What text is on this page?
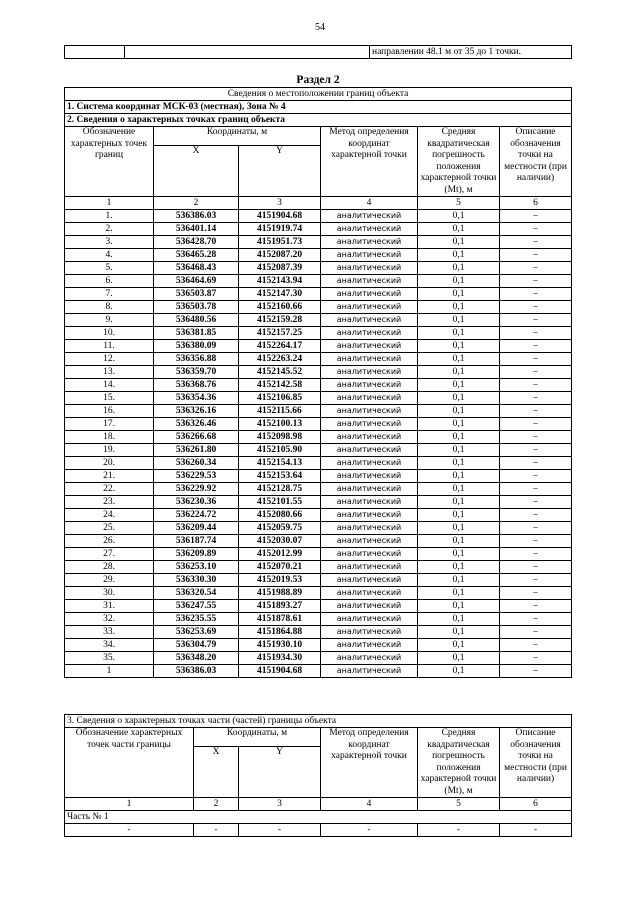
54
		направлении 48.1 м от 35 до 1 точки.
Раздел 2					
Сведения о местоположении границ объекта					
1. Система координат МСК-03 (местная), Зона № 4					
2. Сведения о характерных точках границ объекта					
Обозначение характерных точек границ	Координаты, м		Метод определения координат характерной точки	Средняя квадратическая погрешность положения характерной точки (Mt), м	Описание обозначения точки на местности (при наличии)
	X	Y			
1	2	3	4	5	6
1.	536386.03	4151904.68	аналитический	0,1	–
2.	536401.14	4151919.74	аналитический	0,1	–
3.	536428.70	4151951.73	аналитический	0,1	–
4.	536465.28	4152087.20	аналитический	0,1	–
5.	536468.43	4152087.39	аналитический	0,1	–
6.	536464.69	4152143.94	аналитический	0,1	–
7.	536503.87	4152147.30	аналитический	0,1	–
8.	536503.78	4152160.66	аналитический	0,1	–
9.	536480.56	4152159.28	аналитический	0,1	–
10.	536381.85	4152157.25	аналитический	0,1	–
11.	536380.09	4152264.17	аналитический	0,1	–
12.	536356.88	4152263.24	аналитический	0,1	–
13.	536359.70	4152145.52	аналитический	0,1	–
14.	536368.76	4152142.58	аналитический	0,1	–
15.	536354.36	4152106.85	аналитический	0,1	–
16.	536326.16	4152115.66	аналитический	0,1	–
17.	536326.46	4152100.13	аналитический	0,1	–
18.	536266.68	4152098.98	аналитический	0,1	–
19.	536261.80	4152105.90	аналитический	0,1	–
20.	536260.34	4152154.13	аналитический	0,1	–
21.	536229.53	4152153.64	аналитический	0,1	–
22.	536229.92	4152128.75	аналитический	0,1	–
23.	536230.36	4152101.55	аналитический	0,1	–
24.	536224.72	4152080.66	аналитический	0,1	–
25.	536209.44	4152059.75	аналитический	0,1	–
26.	536187.74	4152030.07	аналитический	0,1	–
27.	536209.89	4152012.99	аналитический	0,1	–
28.	536253.10	4152070.21	аналитический	0,1	–
29.	536330.30	4152019.53	аналитический	0,1	–
30.	536320.54	4151988.89	аналитический	0,1	–
31.	536247.55	4151893.27	аналитический	0,1	–
32.	536235.55	4151878.61	аналитический	0,1	–
33.	536253.69	4151864.88	аналитический	0,1	–
34.	536304.79	4151930.10	аналитический	0,1	–
35.	536348.20	4151934.30	аналитический	0,1	–
1	536386.03	4151904.68	аналитический	0,1	–
3. Сведения о характерных точках части (частей) границы объекта					
Обозначение характерных точек части границы	Координаты, м		Метод определения координат характерной точки	Средняя квадратическая погрешность положения характерной точки (Mt), м	Описание обозначения точки на местности (при наличии)
	X	Y			
1	2	3	4	5	6
Часть № 1					
-	-	-	-	-	-
